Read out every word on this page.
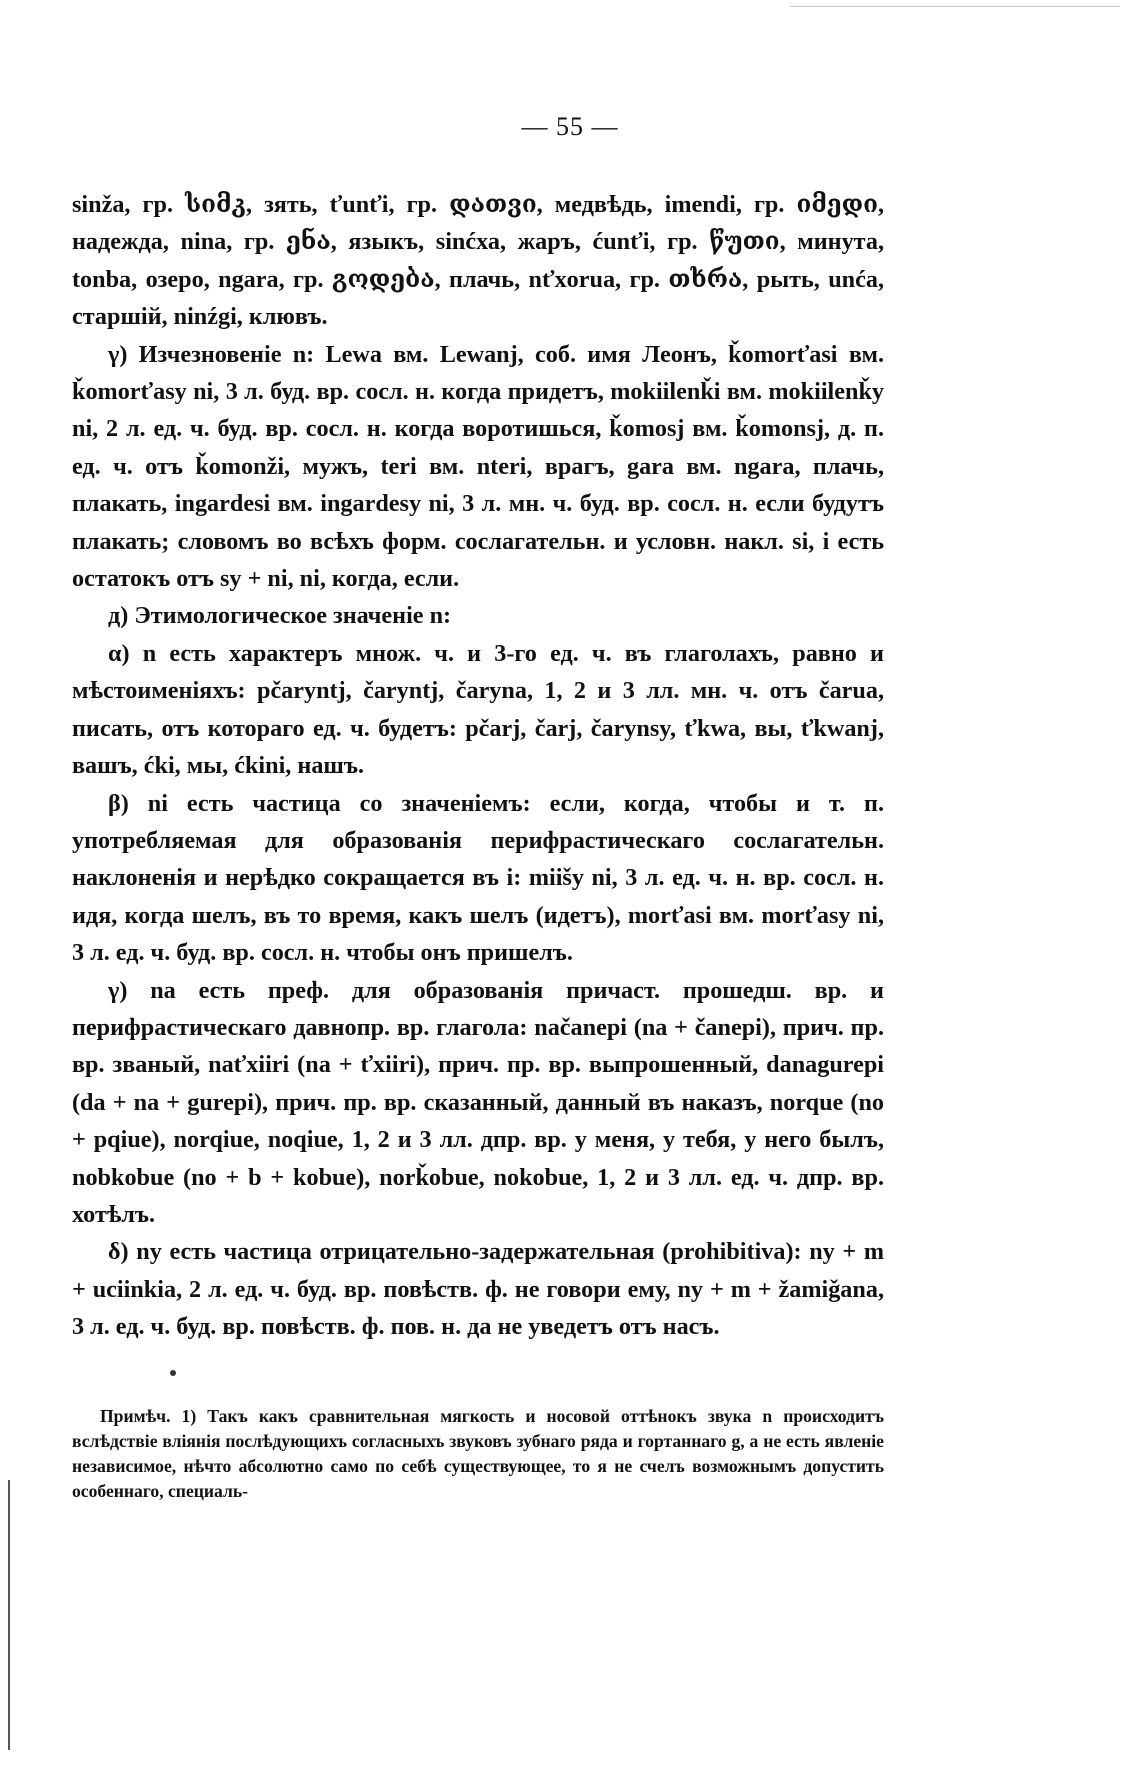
— 55 —

sinža, гр. სიმკ, зять, ťunťi, гр. დათვი, медвѣдь, imendi, гр. იმედი, надежда, nina, гр. ენა, языкъ, sinćха, жаръ, ćunťi, гр. წუთი, минута, tonba, озеро, ngara, гр. გოდება, плачь, nťxorua, гр. თხრა, рыть, unća, старшій, ninźgi, клювъ.

γ) Изчезновеніе n: Lewa вм. Lewanj, соб. имя Леонъ, ǩomorťasi вм. ǩomorťasy ni, 3 л. буд. вр. сосл. н. когда придетъ, mokiilenǩi вм. mokiilenǩy ni, 2 л. ед. ч. буд. вр. сосл. н. когда воротишься, ǩomosj вм. ǩomonsj, д. п. ед. ч. отъ ǩomonži, мужъ, teri вм. nteri, врагъ, gara вм. ngara, плачь, плакать, ingardesi вм. ingardesy ni, 3 л. мн. ч. буд. вр. сосл. н. если будутъ плакать; словомъ во всѣхъ форм. сослагательн. и условн. накл. si, i есть остатокъ отъ sy + ni, ni, когда, если.

д) Этимологическое значеніе n:

α) n есть характеръ множ. ч. и 3-го ед. ч. въ глаголахъ, равно и мѣстоименіяхъ: pčaryntj, čaryntj, čaryna, 1, 2 и 3 лл. мн. ч. отъ čarua, писать, отъ котораго ед. ч. будетъ: pčarj, čarj, čarynsy, ťkwa, вы, ťkwanj, вашъ, ćki, мы, ćkini, нашъ.

β) ni есть частица со значеніемъ: если, когда, чтобы и т. п. употребляемая для образованія перифрастическаго сослагательн. наклоненія и нерѣдко сокращается въ i: miišy ni, 3 л. ед. ч. н. вр. сосл. н. идя, когда шелъ, въ то время, какъ шелъ (идетъ), morťasi вм. morťasy ni, 3 л. ед. ч. буд. вр. сосл. н. чтобы онъ пришелъ.

γ) na есть преф. для образованія причаст. прошедш. вр. и перифрастическаго давнопр. вр. глагола: načanepi (na + čanepi), прич. пр. вр. званый, naťxiiri (na + ťxiiri), прич. пр. вр. выпрошенный, danagurepi (da + na + gurepi), прич. пр. вр. сказанный, данный въ наказъ, norque (no + pqiue), norqiue, noqiue, 1, 2 и 3 лл. дпр. вр. у меня, у тебя, у него былъ, nobkobue (no + b + kobue), norǩobue, nokobue, 1, 2 и 3 лл. ед. ч. дпр. вр. хотѣлъ.

δ) ny есть частица отрицательно-задержательная (prohibitiva): ny + m + uciinkia, 2 л. ед. ч. буд. вр. повѣств. ф. не говори ему, ny + m + žamiǧana, 3 л. ед. ч. буд. вр. повѣств. ф. пов. н. да не уведетъ отъ насъ.

Примѣч. 1) Такъ какъ сравнительная мягкость и носовой оттѣнокъ звука n происходитъ вслѣдствіе вліянія послѣдующихъ согласныхъ звуковъ зубнаго ряда и гортаннаго g, а не есть явленіе независимое, нѣчто абсолютно само по себѣ существующее, то я не счелъ возможнымъ допустить особеннаго, специаль-
